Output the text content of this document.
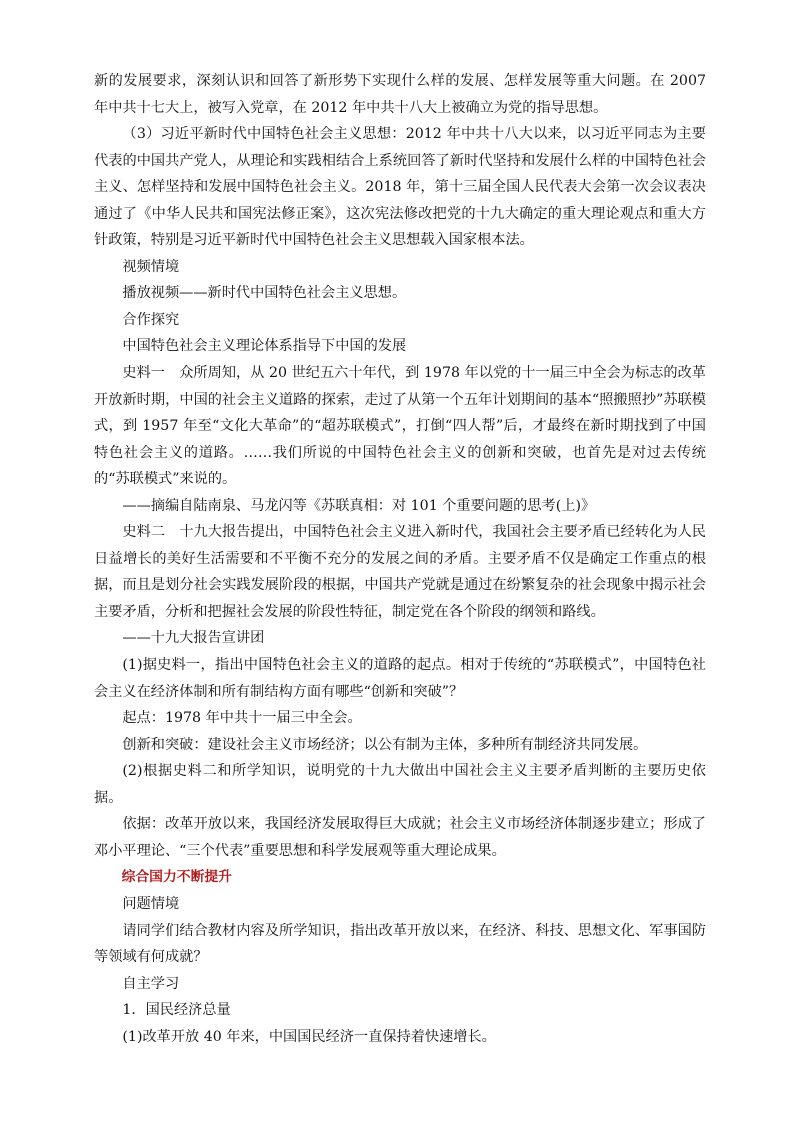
新的发展要求，深刻认识和回答了新形势下实现什么样的发展、怎样发展等重大问题。在 2007 年中共十七大上，被写入党章，在 2012 年中共十八大上被确立为党的指导思想。

（3）习近平新时代中国特色社会主义思想：2012 年中共十八大以来，以习近平同志为主要代表的中国共产党人，从理论和实践相结合上系统回答了新时代坚持和发展什么样的中国特色社会主义、怎样坚持和发展中国特色社会主义。2018 年，第十三届全国人民代表大会第一次会议表决通过了《中华人民共和国宪法修正案》，这次宪法修改把党的十九大确定的重大理论观点和重大方针政策，特别是习近平新时代中国特色社会主义思想载入国家根本法。

视频情境

播放视频——新时代中国特色社会主义思想。

合作探究

中国特色社会主义理论体系指导下中国的发展

史料一　众所周知，从 20 世纪五六十年代，到 1978 年以党的十一届三中全会为标志的改革开放新时期，中国的社会主义道路的探索，走过了从第一个五年计划期间的基本“照搬照抄”苏联模式，到 1957 年至“文化大革命”的“超苏联模式”，打倒“四人帮”后，才最终在新时期找到了中国特色社会主义的道路。……我们所说的中国特色社会主义的创新和突破，也首先是对过去传统的“苏联模式”来说的。

——摘编自陆南泉、马龙闪等《苏联真相：对 101 个重要问题的思考(上)》

史料二　十九大报告提出，中国特色社会主义进入新时代，我国社会主要矛盾已经转化为人民日益增长的美好生活需要和不平衡不充分的发展之间的矛盾。主要矛盾不仅是确定工作重点的根据，而且是划分社会实践发展阶段的根据，中国共产党就是通过在纷繁复杂的社会现象中揭示社会主要矛盾，分析和把握社会发展的阶段性特征，制定党在各个阶段的纲领和路线。

——十九大报告宣讲团

(1)据史料一，指出中国特色社会主义的道路的起点。相对于传统的“苏联模式”，中国特色社会主义在经济体制和所有制结构方面有哪些“创新和突破”？

起点：1978 年中共十一届三中全会。

创新和突破：建设社会主义市场经济；以公有制为主体，多种所有制经济共同发展。

(2)根据史料二和所学知识，说明党的十九大做出中国社会主义主要矛盾判断的主要历史依据。

依据：改革开放以来，我国经济发展取得巨大成就；社会主义市场经济体制逐步建立；形成了邓小平理论、“三个代表”重要思想和科学发展观等重大理论成果。

综合国力不断提升

问题情境

请同学们结合教材内容及所学知识，指出改革开放以来，在经济、科技、思想文化、军事国防等领域有何成就？

自主学习

1．国民经济总量

(1)改革开放 40 年来，中国国民经济一直保持着快速增长。
